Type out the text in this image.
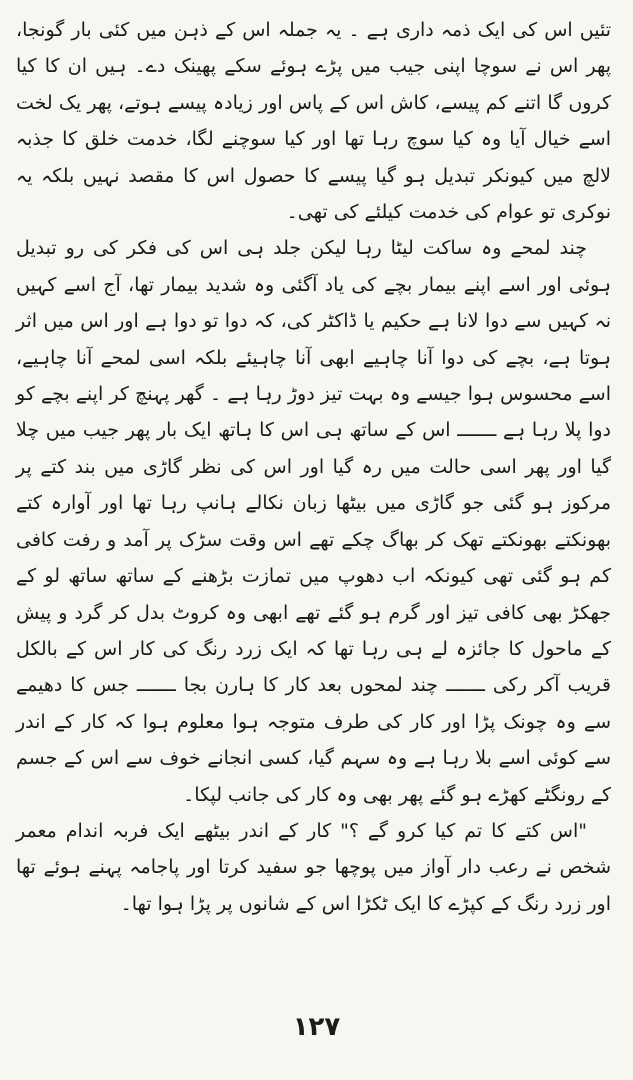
تئیں اس کی ایک ذمہ داری ہے ۔ یہ جملہ اس کے ذہن میں کئی بار گونجا، پھر اس نے سوچا اپنی جیب میں پڑے ہوئے سکے پھینک دے۔ ہیں ان کا کیا کروں گا اتنے کم پیسے، کاش اس کے پاس اور زیادہ پیسے ہوتے، پھر یک لخت اسے خیال آیا وہ کیا سوچ رہا تھا اور کیا سوچنے لگا، خدمت خلق کا جذبہ لالچ میں کیونکر تبدیل ہو گیا پیسے کا حصول اس کا مقصد نہیں بلکہ یہ نوکری تو عوام کی خدمت کیلئے کی تھی۔

چند لمحے وہ ساکت لیٹا رہا لیکن جلد ہی اس کی فکر کی رو تبدیل ہوئی اور اسے اپنے بیمار بچے کی یاد آگئی وہ شدید بیمار تھا، آج اسے کہیں نہ کہیں سے دوا لانا ہے حکیم یا ڈاکٹر کی، کہ دوا تو دوا ہے اور اس میں اثر ہوتا ہے، بچے کی دوا آنا چاہیے ابھی آنا چاہیئے بلکہ اسی لمحے آنا چاہیے، اسے محسوس ہوا جیسے وہ بہت تیز دوڑ رہا ہے ۔ گھر پہنچ کر اپنے بچے کو دوا پلا رہا ہے ـــــــ اس کے ساتھ ہی اس کا ہاتھ ایک بار پھر جیب میں چلا گیا اور پھر اسی حالت میں رہ گیا اور اس کی نظر گاڑی میں بند کتے پر مرکوز ہو گئی جو گاڑی میں بیٹھا زبان نکالے ہانپ رہا تھا اور آوارہ کتے بھونکتے بھونکتے تھک کر بھاگ چکے تھے اس وقت سڑک پر آمد و رفت کافی کم ہو گئی تھی کیونکہ اب دھوپ میں تمازت بڑھنے کے ساتھ ساتھ لو کے جھکڑ بھی کافی تیز اور گرم ہو گئے تھے ابھی وہ کروٹ بدل کر گرد و پیش کے ماحول کا جائزہ لے ہی رہا تھا کہ ایک زرد رنگ کی کار اس کے بالکل قریب آکر رکی ـــــــ چند لمحوں بعد کار کا ہارن بجا ـــــــ جس کا دھیمے سے وہ چونک پڑا اور کار کی طرف متوجہ ہوا معلوم ہوا کہ کار کے اندر سے کوئی اسے بلا رہا ہے وہ سہم گیا، کسی انجانے خوف سے اس کے جسم کے رونگٹے کھڑے ہو گئے پھر بھی وہ کار کی جانب لپکا۔

"اس کتے کا تم کیا کرو گے ؟" کار کے اندر بیٹھے ایک فربہ اندام معمر شخص نے رعب دار آواز میں پوچھا جو سفید کرتا اور پاجامہ پہنے ہوئے تھا اور زرد رنگ کے کپڑے کا ایک ٹکڑا اس کے شانوں پر پڑا ہوا تھا۔

۱۲۷
